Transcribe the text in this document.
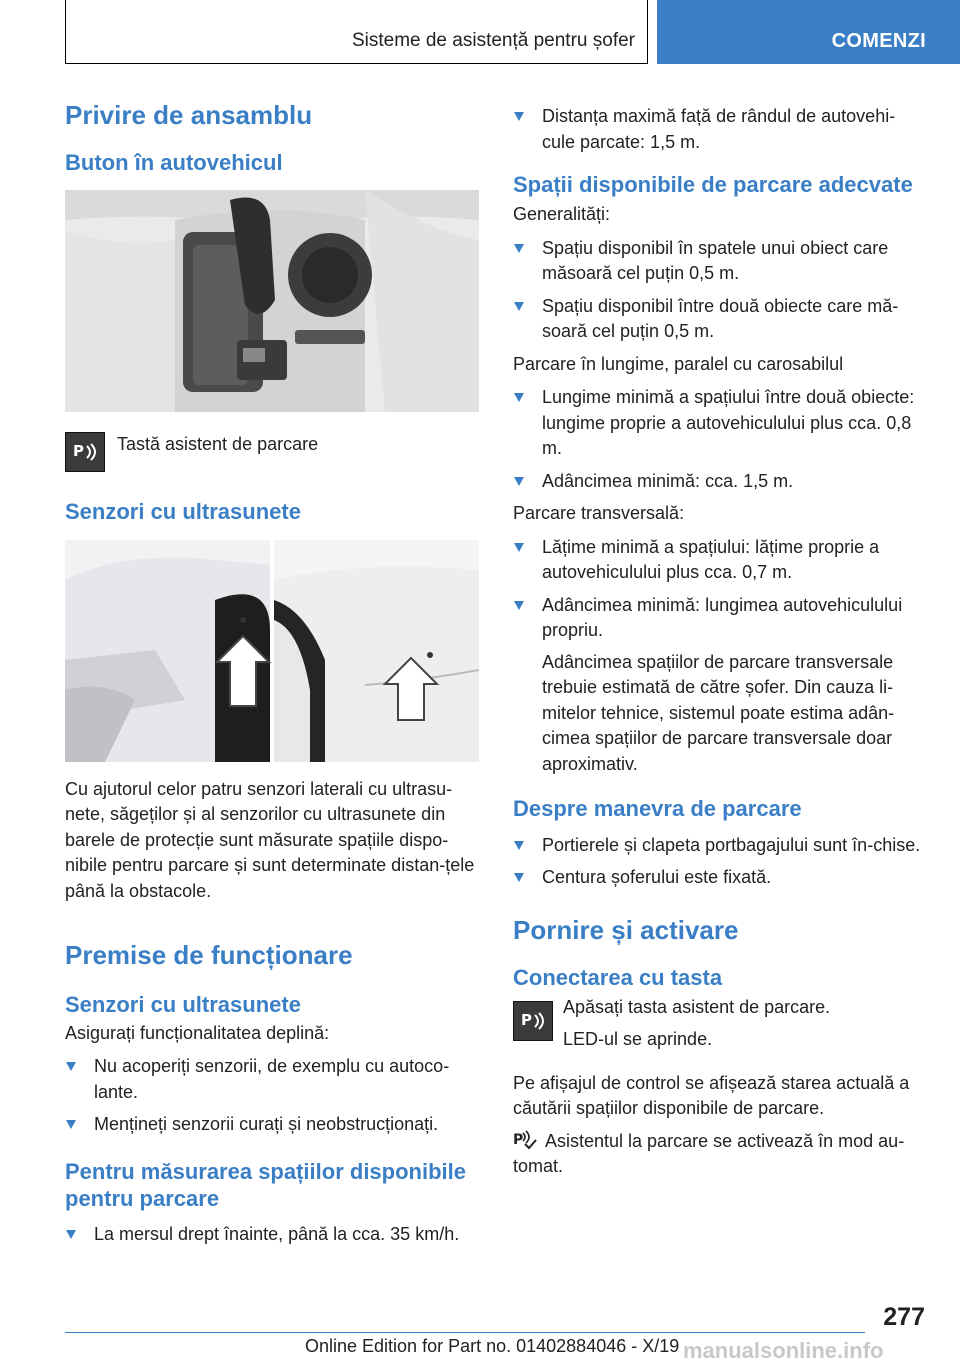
Sisteme de asistență pentru șofer	COMENZI
Privire de ansamblu
Buton în autovehicul
P Tastă asistent de parcare

Senzori cu ultrasunete

Cu ajutorul celor patru senzori laterali cu ultrasu‐nete, săgeților și al senzorilor cu ultrasunete din barele de protecție sunt măsurate spațiile dispo‐nibile pentru parcare și sunt determinate distan‐țele până la obstacole.

Premise de funcționare
Senzori cu ultrasunete

Asigurați funcționalitatea deplină:

Nu acoperiți senzorii, de exemplu cu autoco‐lante.
Mențineți senzorii curați și neobstrucționați.
Pentru măsurarea spațiilor disponibile pentru parcare
La mersul drept înainte, până la cca. 35 km/h.
Distanța maximă față de rândul de autovehi‐cule parcate: 1,5 m.
Spații disponibile de parcare adecvate

Generalități:

Spațiu disponibil în spatele unui obiect care măsoară cel puțin 0,5 m.
Spațiu disponibil între două obiecte care mă‐soară cel puțin 0,5 m.

Parcare în lungime, paralel cu carosabilul

Lungime minimă a spațiului între două obiecte: lungime proprie a autovehiculului plus cca. 0,8 m.
Adâncimea minimă: cca. 1,5 m.

Parcare transversală:

Lățime minimă a spațiului: lățime proprie a autovehiculului plus cca. 0,7 m.
Adâncimea minimă: lungimea autovehiculului propriu.
Adâncimea spațiilor de parcare transversale trebuie estimată de către șofer. Din cauza li‐mitelor tehnice, sistemul poate estima adân‐cimea spațiilor de parcare transversale doar aproximativ.
Despre manevra de parcare
Portierele și clapeta portbagajului sunt în‐chise.
Centura șoferului este fixată.
Pornire și activare
Conectarea cu tasta
P

Apăsați tasta asistent de parcare.

LED-ul se aprinde.

Pe afișajul de control se afișează starea actuală a căutării spațiilor disponibile de parcare.

P Asistentul la parcare se activează în mod au‐tomat.

277
Online Edition for Part no. 01402884046 - X/19 manualsonline.info
